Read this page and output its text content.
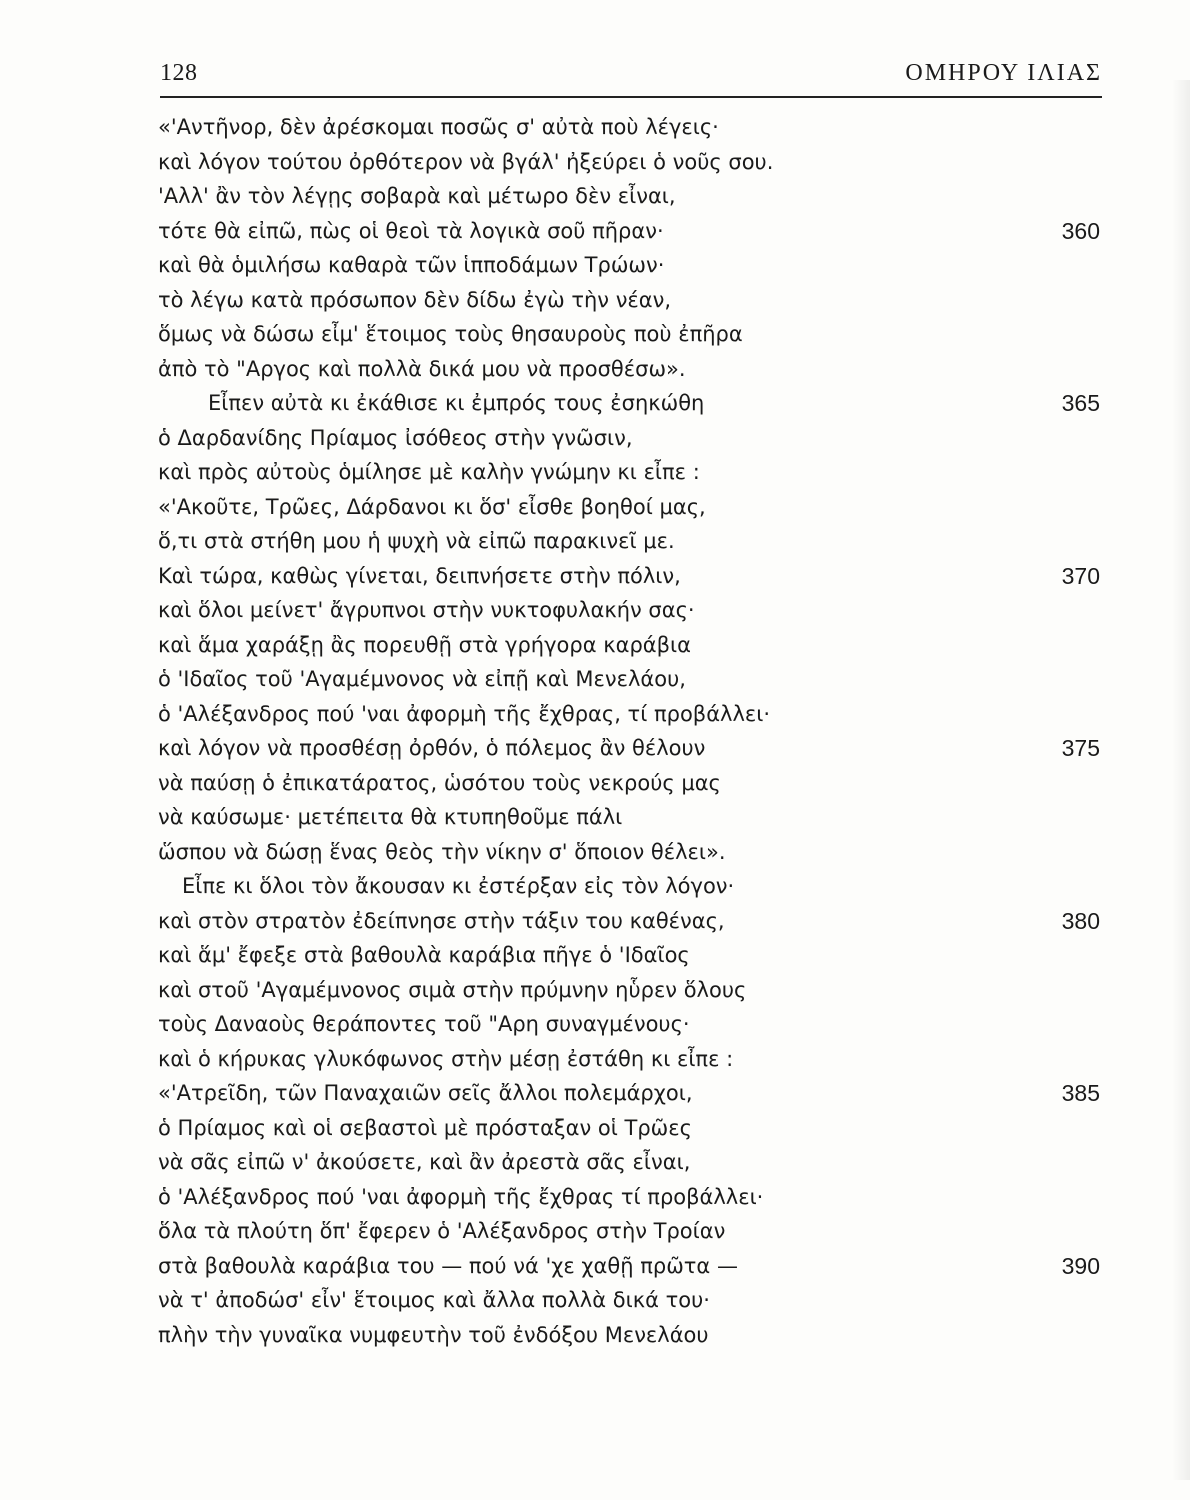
128	ΟΜΗΡΟΥ ΙΛΙΑΣ
«'Αντῆνορ, δὲν ἀρέσκομαι ποσῶς σ' αὐτὰ ποὺ λέγεις·
καὶ λόγον τούτου ὀρθότερον νὰ βγάλ' ἠξεύρει ὁ νοῦς σου.
'Αλλ' ἂν τὸν λέγῃς σοβαρὰ καὶ μέτωρο δὲν εἶναι,
τότε θὰ εἰπῶ, πὼς οἱ θεοὶ τὰ λογικὰ σοῦ πῆραν·	360
καὶ θὰ ὁμιλήσω καθαρὰ τῶν ἱπποδάμων Τρώων·
τὸ λέγω κατὰ πρόσωπον δὲν δίδω ἐγὼ τὴν νέαν,
ὅμως νὰ δώσω εἶμ' ἕτοιμος τοὺς θησαυροὺς ποὺ ἐπῆρα
ἀπὸ τὸ "Αργος καὶ πολλὰ δικά μου νὰ προσθέσω».
Εἶπεν αὐτὰ κι ἐκάθισε κι ἐμπρός τους ἐσηκώθη	365
ὁ Δαρδανίδης Πρίαμος ἰσόθεος στὴν γνῶσιν,
καὶ πρὸς αὐτοὺς ὁμίλησε μὲ καλὴν γνώμην κι εἶπε :
«'Ακοῦτε, Τρῶες, Δάρδανοι κι ὅσ' εἶσθε βοηθοί μας,
ὅ,τι στὰ στήθη μου ἡ ψυχὴ νὰ εἰπῶ παρακινεῖ με.
Καὶ τώρα, καθὼς γίνεται, δειπνήσετε στὴν πόλιν,	370
καὶ ὅλοι μείνετ' ἄγρυπνοι στὴν νυκτοφυλακήν σας·
καὶ ἅμα χαράξῃ ἂς πορευθῇ στὰ γρήγορα καράβια
ὁ 'Ιδαῖος τοῦ 'Αγαμέμνονος νὰ εἰπῇ καὶ Μενελάου,
ὁ 'Αλέξανδρος πού 'ναι ἀφορμὴ τῆς ἔχθρας, τί προβάλλει·
καὶ λόγον νὰ προσθέσῃ ὀρθόν, ὁ πόλεμος ἂν θέλουν	375
νὰ παύσῃ ὁ ἐπικατάρατος, ὡσότου τοὺς νεκρούς μας
νὰ καύσωμε· μετέπειτα θὰ κτυπηθοῦμε πάλι
ὥσπου νὰ δώσῃ ἕνας θεὸς τὴν νίκην σ' ὅποιον θέλει».
Εἶπε κι ὅλοι τὸν ἄκουσαν κι ἐστέρξαν εἰς τὸν λόγον·
καὶ στὸν στρατὸν ἐδείπνησε στὴν τάξιν του καθένας,	380
καὶ ἅμ' ἔφεξε στὰ βαθουλὰ καράβια πῆγε ὁ 'Ιδαῖος
καὶ στοῦ 'Αγαμέμνονος σιμὰ στὴν πρύμνην ηὗρεν ὅλους
τοὺς Δαναοὺς θεράποντες τοῦ "Αρη συναγμένους·
καὶ ὁ κήρυκας γλυκόφωνος στὴν μέσῃ ἐστάθη κι εἶπε :
«'Ατρεῖδη, τῶν Παναχαιῶν σεῖς ἄλλοι πολεμάρχοι,	385
ὁ Πρίαμος καὶ οἱ σεβαστοὶ μὲ πρόσταξαν οἱ Τρῶες
νὰ σᾶς εἰπῶ ν' ἀκούσετε, καὶ ἂν ἀρεστὰ σᾶς εἶναι,
ὁ 'Αλέξανδρος πού 'ναι ἀφορμὴ τῆς ἔχθρας τί προβάλλει·
ὅλα τὰ πλούτη ὅπ' ἔφερεν ὁ 'Αλέξανδρος στὴν Τροίαν
στὰ βαθουλὰ καράβια του — πού νά 'χε χαθῇ πρῶτα —	390
νὰ τ' ἀποδώσ' εἶν' ἕτοιμος καὶ ἄλλα πολλὰ δικά του·
πλὴν τὴν γυναῖκα νυμφευτὴν τοῦ ἐνδόξου Μενελάου
